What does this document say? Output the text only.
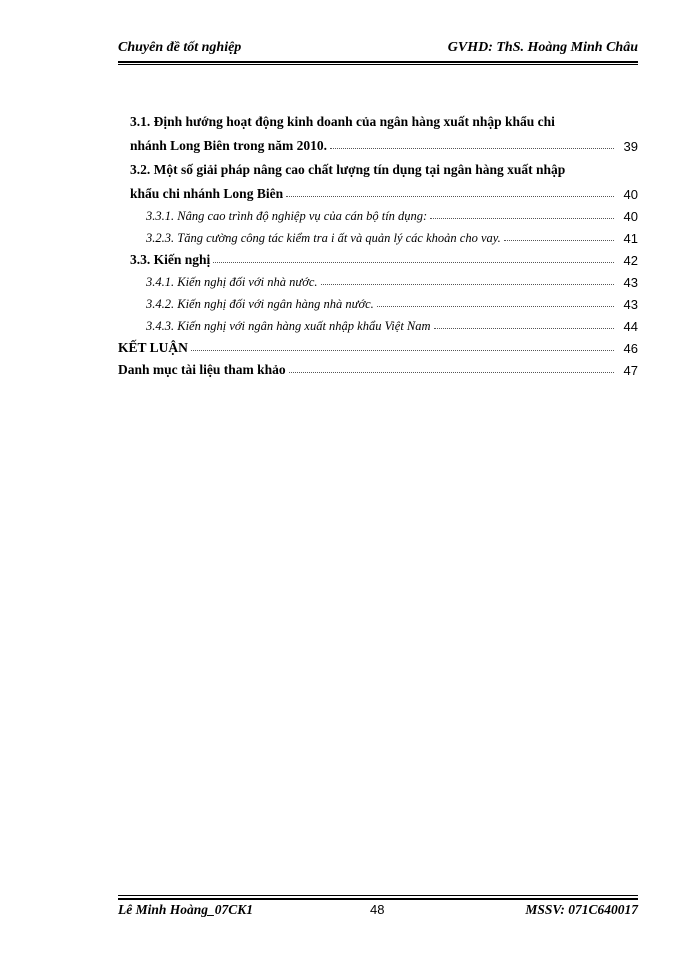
Chuyên đề tốt nghiệp	GVHD: ThS. Hoàng Minh Châu
3.1. Định hướng hoạt động kinh doanh của ngân hàng xuất nhập khẩu chi
nhánh Long Biên trong năm 2010.	39
3.2. Một số giải pháp nâng cao chất lượng tín dụng tại ngân hàng xuất nhập
khẩu chi nhánh Long Biên	40
3.3.1. Nâng cao trình độ nghiệp vụ của cán bộ tín dụng:	40
3.2.3. Tăng cường công tác kiểm tra i ất và quản lý các khoản cho vay.	41
3.3. Kiến nghị	42
3.4.1. Kiến nghị đối với nhà nước.	43
3.4.2. Kiến nghị đối với ngân hàng nhà nước.	43
3.4.3. Kiến nghị với ngân hàng xuất nhập khẩu Việt Nam	44
KẾT LUẬN	46
Danh mục tài liệu tham khảo	47
Lê Minh Hoàng_07CK1	48	MSSV: 071C640017
